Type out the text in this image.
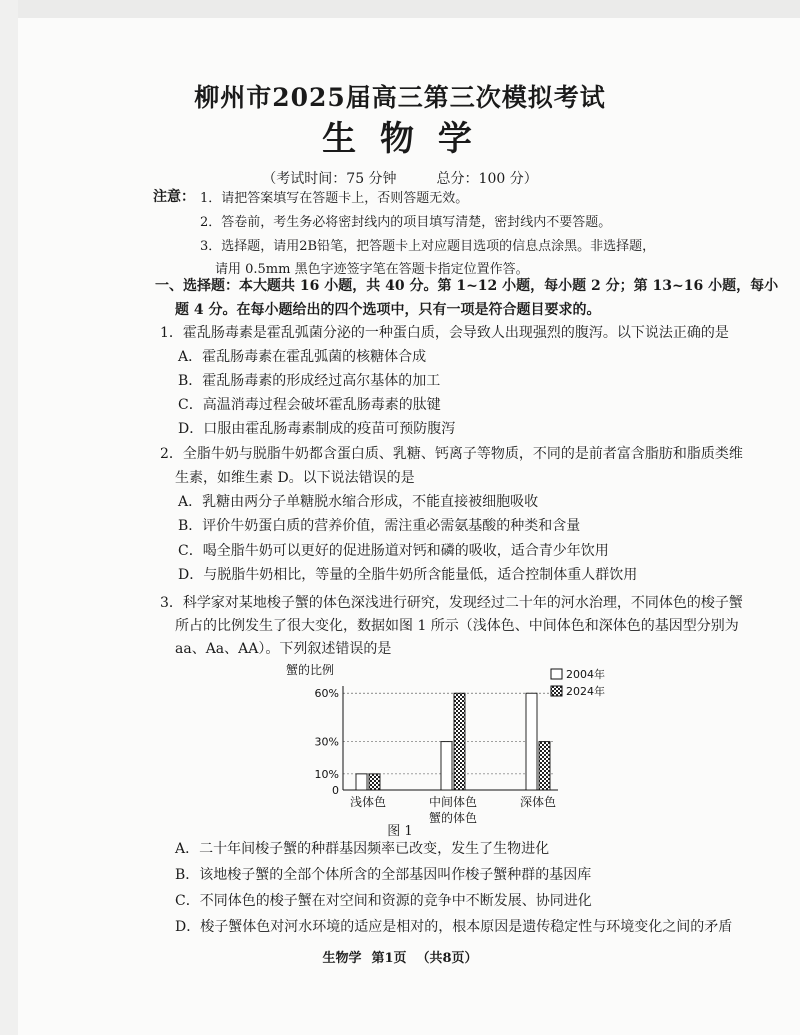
柳州市2025届高三第三次模拟考试
生 物 学
（考试时间：75 分钟	总分：100 分）
注意： 1．请把答案填写在答题卡上，否则答题无效。
2．答卷前，考生务必将密封线内的项目填写清楚，密封线内不要答题。
3．选择题，请用2B铅笔，把答题卡上对应题目选项的信息点涂黑。非选择题，
请用 0.5mm 黑色字迹签字笔在答题卡指定位置作答。
一、选择题：本大题共 16 小题，共 40 分。第 1~12 小题，每小题 2 分；第 13~16 小题，每小
题 4 分。在每小题给出的四个选项中，只有一项是符合题目要求的。
1．霍乱肠毒素是霍乱弧菌分泌的一种蛋白质，会导致人出现强烈的腹泻。以下说法正确的是
A．霍乱肠毒素在霍乱弧菌的核糖体合成
B．霍乱肠毒素的形成经过高尔基体的加工
C．高温消毒过程会破坏霍乱肠毒素的肽键
D．口服由霍乱肠毒素制成的疫苗可预防腹泻
2．全脂牛奶与脱脂牛奶都含蛋白质、乳糖、钙离子等物质，不同的是前者富含脂肪和脂质类维
生素，如维生素 D。以下说法错误的是
A．乳糖由两分子单糖脱水缩合形成，不能直接被细胞吸收
B．评价牛奶蛋白质的营养价值，需注重必需氨基酸的种类和含量
C．喝全脂牛奶可以更好的促进肠道对钙和磷的吸收，适合青少年饮用
D．与脱脂牛奶相比，等量的全脂牛奶所含能量低，适合控制体重人群饮用
3．科学家对某地梭子蟹的体色深浅进行研究，发现经过二十年的河水治理，不同体色的梭子蟹
所占的比例发生了很大变化，数据如图 1 所示（浅体色、中间体色和深体色的基因型分别为
aa、Aa、AA）。下列叙述错误的是
蟹的比例	2004年
2024年
0
10%
30%
60%
浅体色	中间体色	深体色
蟹的体色
图 1
A．二十年间梭子蟹的种群基因频率已改变，发生了生物进化
B．该地梭子蟹的全部个体所含的全部基因叫作梭子蟹种群的基因库
C．不同体色的梭子蟹在对空间和资源的竞争中不断发展、协同进化
D．梭子蟹体色对河水环境的适应是相对的，根本原因是遗传稳定性与环境变化之间的矛盾
生物学 第1页 （共8页）
